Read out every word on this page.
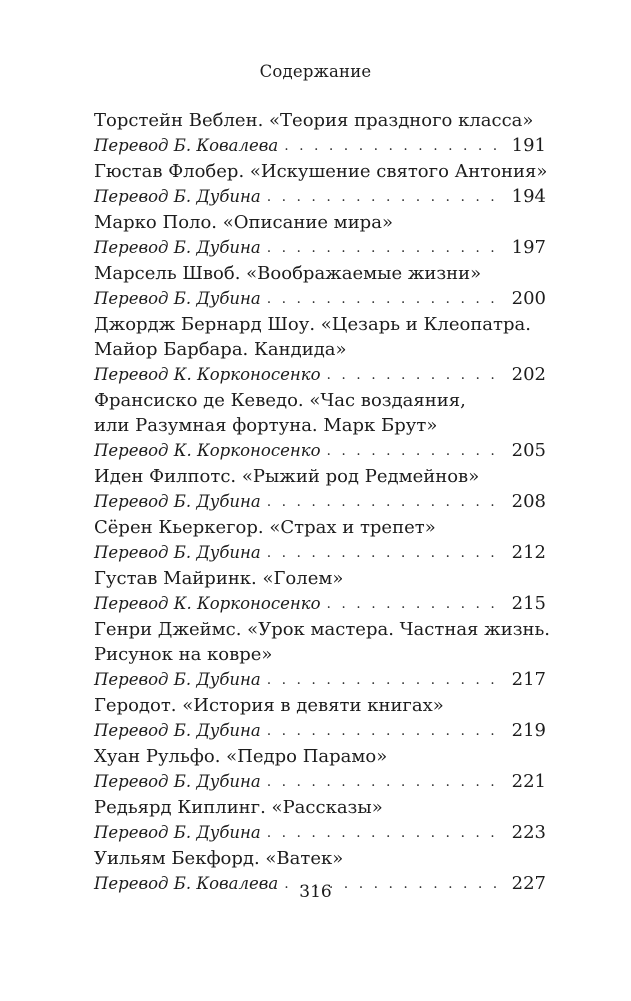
Содержание
Торстейн Веблен. «Теория праздного класса»
Перевод Б. Ковалева . . .	191
Гюстав Флобер. «Искушение святого Антония»
Перевод Б. Дубина . . .	194
Марко Поло. «Описание мира»
Перевод Б. Дубина . . .	197
Марсель Швоб. «Воображаемые жизни»
Перевод Б. Дубина . . .	200
Джордж Бернард Шоу. «Цезарь и Клеопатра.
Майор Барбара. Кандида»
Перевод К. Корконосенко . . .	202
Франсиско де Кеведо. «Час воздаяния,
или Разумная фортуна. Марк Брут»
Перевод К. Корконосенко . . .	205
Иден Филпотс. «Рыжий род Редмейнов»
Перевод Б. Дубина . . .	208
Сёрен Кьеркегор. «Страх и трепет»
Перевод Б. Дубина . . .	212
Густав Майринк. «Голем»
Перевод К. Корконосенко . . .	215
Генри Джеймс. «Урок мастера. Частная жизнь.
Рисунок на ковре»
Перевод Б. Дубина . . .	217
Геродот. «История в девяти книгах»
Перевод Б. Дубина . . .	219
Хуан Рульфо. «Педро Парамо»
Перевод Б. Дубина . . .	221
Редьярд Киплинг. «Рассказы»
Перевод Б. Дубина . . .	223
Уильям Бекфорд. «Ватек»
Перевод Б. Ковалева . . .	227
316
